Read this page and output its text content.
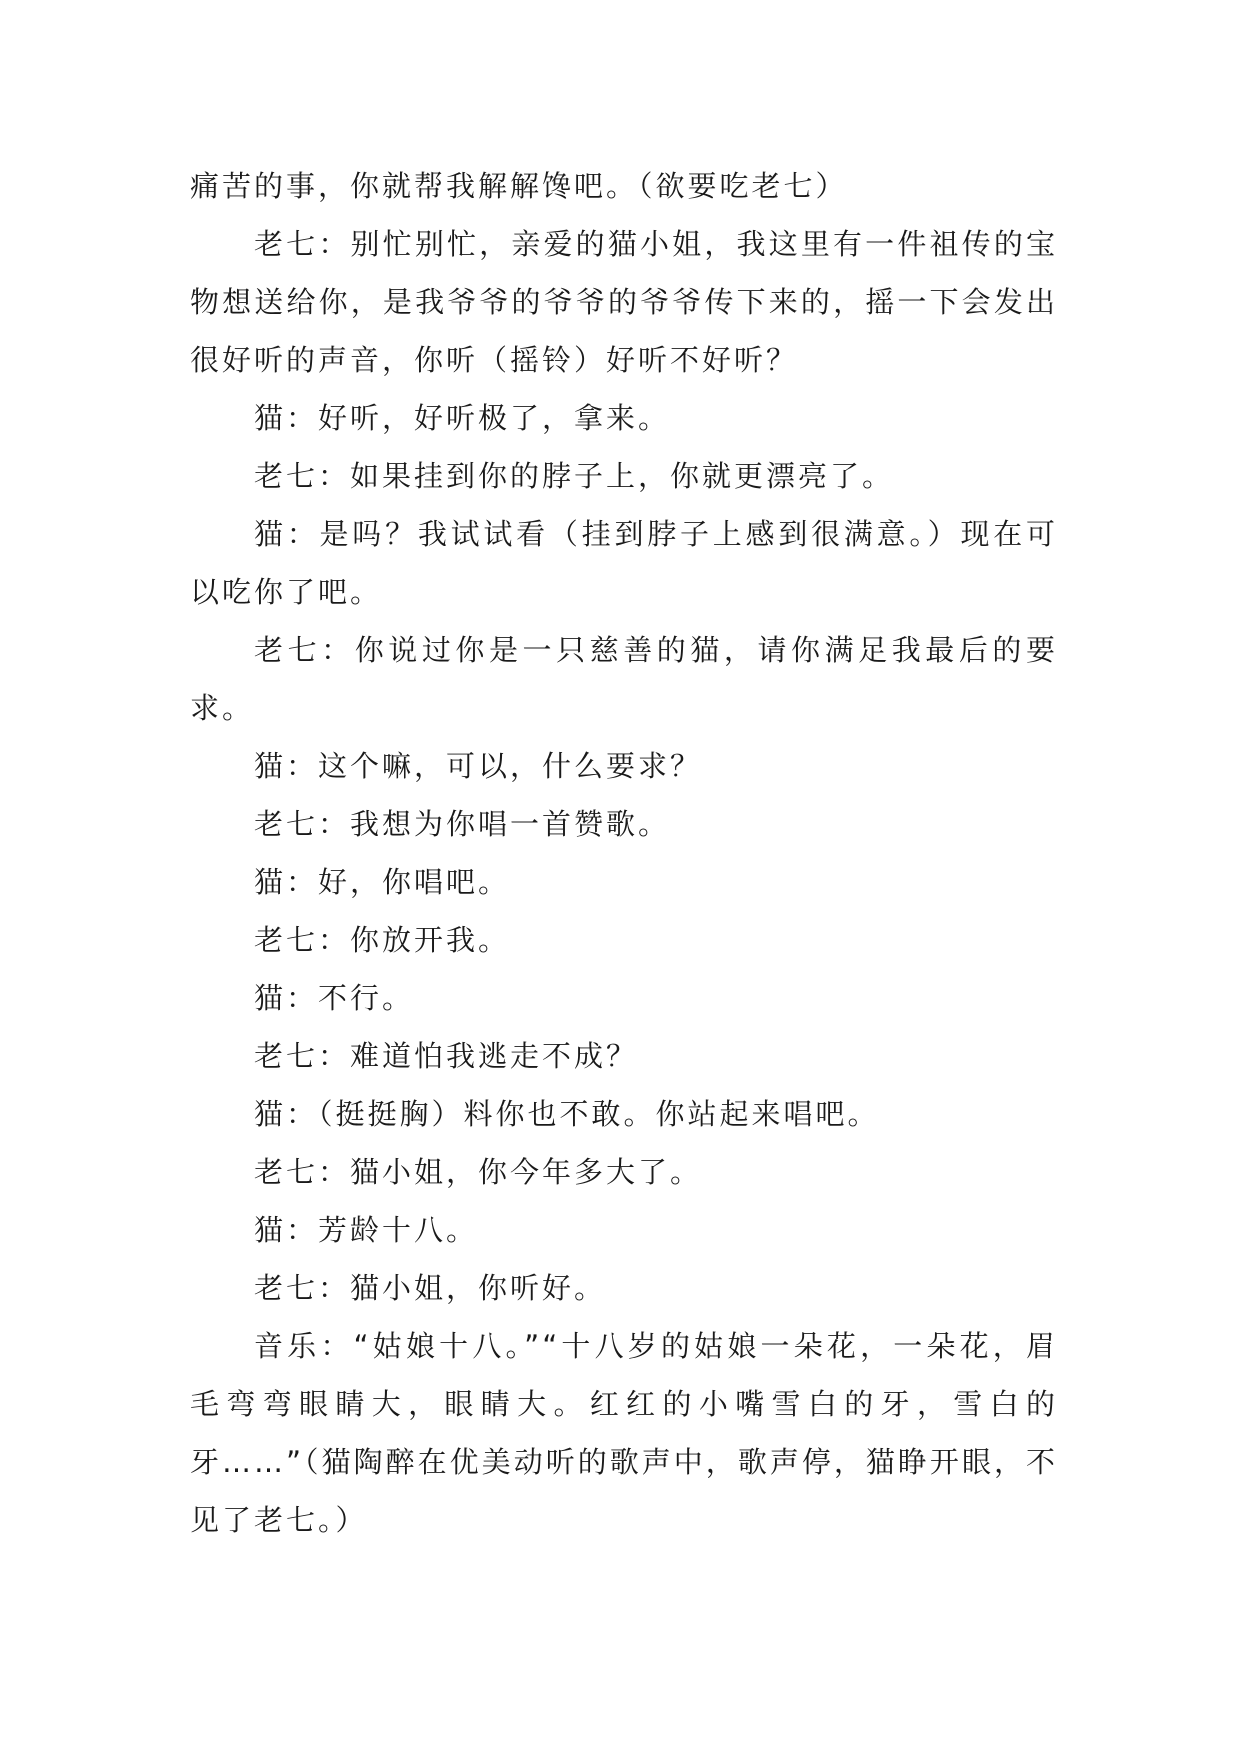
痛苦的事，你就帮我解解馋吧。（欲要吃老七）

老七：别忙别忙，亲爱的猫小姐，我这里有一件祖传的宝物想送给你，是我爷爷的爷爷的爷爷传下来的，摇一下会发出很好听的声音，你听（摇铃）好听不好听？

猫：好听，好听极了，拿来。

老七：如果挂到你的脖子上，你就更漂亮了。

猫：是吗？我试试看（挂到脖子上感到很满意。）现在可以吃你了吧。

老七：你说过你是一只慈善的猫，请你满足我最后的要求。

猫：这个嘛，可以，什么要求？

老七：我想为你唱一首赞歌。

猫：好，你唱吧。

老七：你放开我。

猫：不行。

老七：难道怕我逃走不成？

猫：（挺挺胸）料你也不敢。你站起来唱吧。

老七：猫小姐，你今年多大了。

猫：芳龄十八。

老七：猫小姐，你听好。

音乐：“姑娘十八。”“十八岁的姑娘一朵花，一朵花，眉毛弯弯眼睛大，眼睛大。红红的小嘴雪白的牙，雪白的牙……”（猫陶醉在优美动听的歌声中，歌声停，猫睁开眼，不见了老七。）
